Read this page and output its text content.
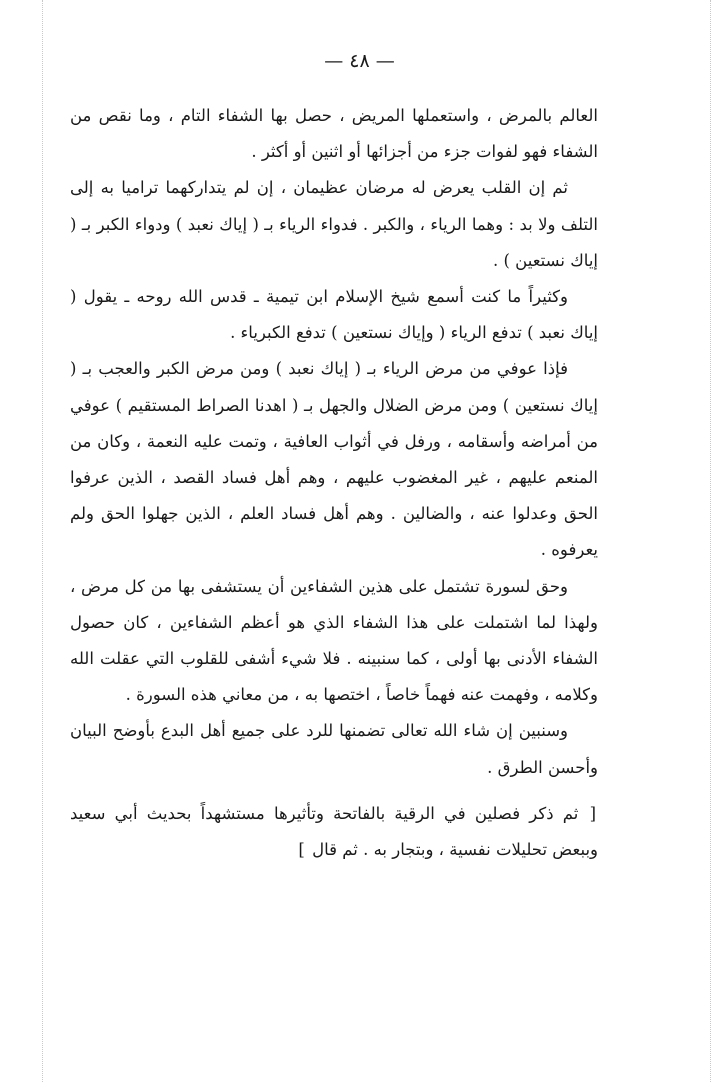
— ٤٨ —

العالم بالمرض ، واستعملها المريض ، حصل بها الشفاء التام ، وما نقص من الشفاء فهو لفوات جزء من أجزائها أو اثنين أو أكثر .

ثم إن القلب يعرض له مرضان عظيمان ، إن لم يتداركهما تراميا به إلى التلف ولا بد : وهما الرياء ، والكبر . فدواء الرياء بـ ( إياك نعبد ) ودواء الكبر بـ ( إياك نستعين ) .

وكثيراً ما كنت أسمع شيخ الإسلام ابن تيمية ـ قدس الله روحه ـ يقول ( إياك نعبد ) تدفع الرياء ( وإياك نستعين ) تدفع الكبرياء .

فإذا عوفي من مرض الرياء بـ ( إياك نعبد ) ومن مرض الكبر والعجب بـ ( إياك نستعين ) ومن مرض الضلال والجهل بـ ( اهدنا الصراط المستقيم ) عوفي من أمراضه وأسقامه ، ورفل في أثواب العافية ، وتمت عليه النعمة ، وكان من المنعم عليهم ، غير المغضوب عليهم ، وهم أهل فساد القصد ، الذين عرفوا الحق وعدلوا عنه ، والضالين . وهم أهل فساد العلم ، الذين جهلوا الحق ولم يعرفوه .

وحق لسورة تشتمل على هذين الشفاءين أن يستشفى بها من كل مرض ، ولهذا لما اشتملت على هذا الشفاء الذي هو أعظم الشفاءين ، كان حصول الشفاء الأدنى بها أولى ، كما سنبينه . فلا شيء أشفى للقلوب التي عقلت الله وكلامه ، وفهمت عنه فهماً خاصاً ، اختصها به ، من معاني هذه السورة .

وسنبين إن شاء الله تعالى تضمنها للرد على جميع أهل البدع بأوضح البيان وأحسن الطرق .

[ ثم ذكر فصلين في الرقية بالفاتحة وتأثيرها مستشهداً بحديث أبي سعيد وببعض تحليلات نفسية ، وبتجار به . ثم قال ]
